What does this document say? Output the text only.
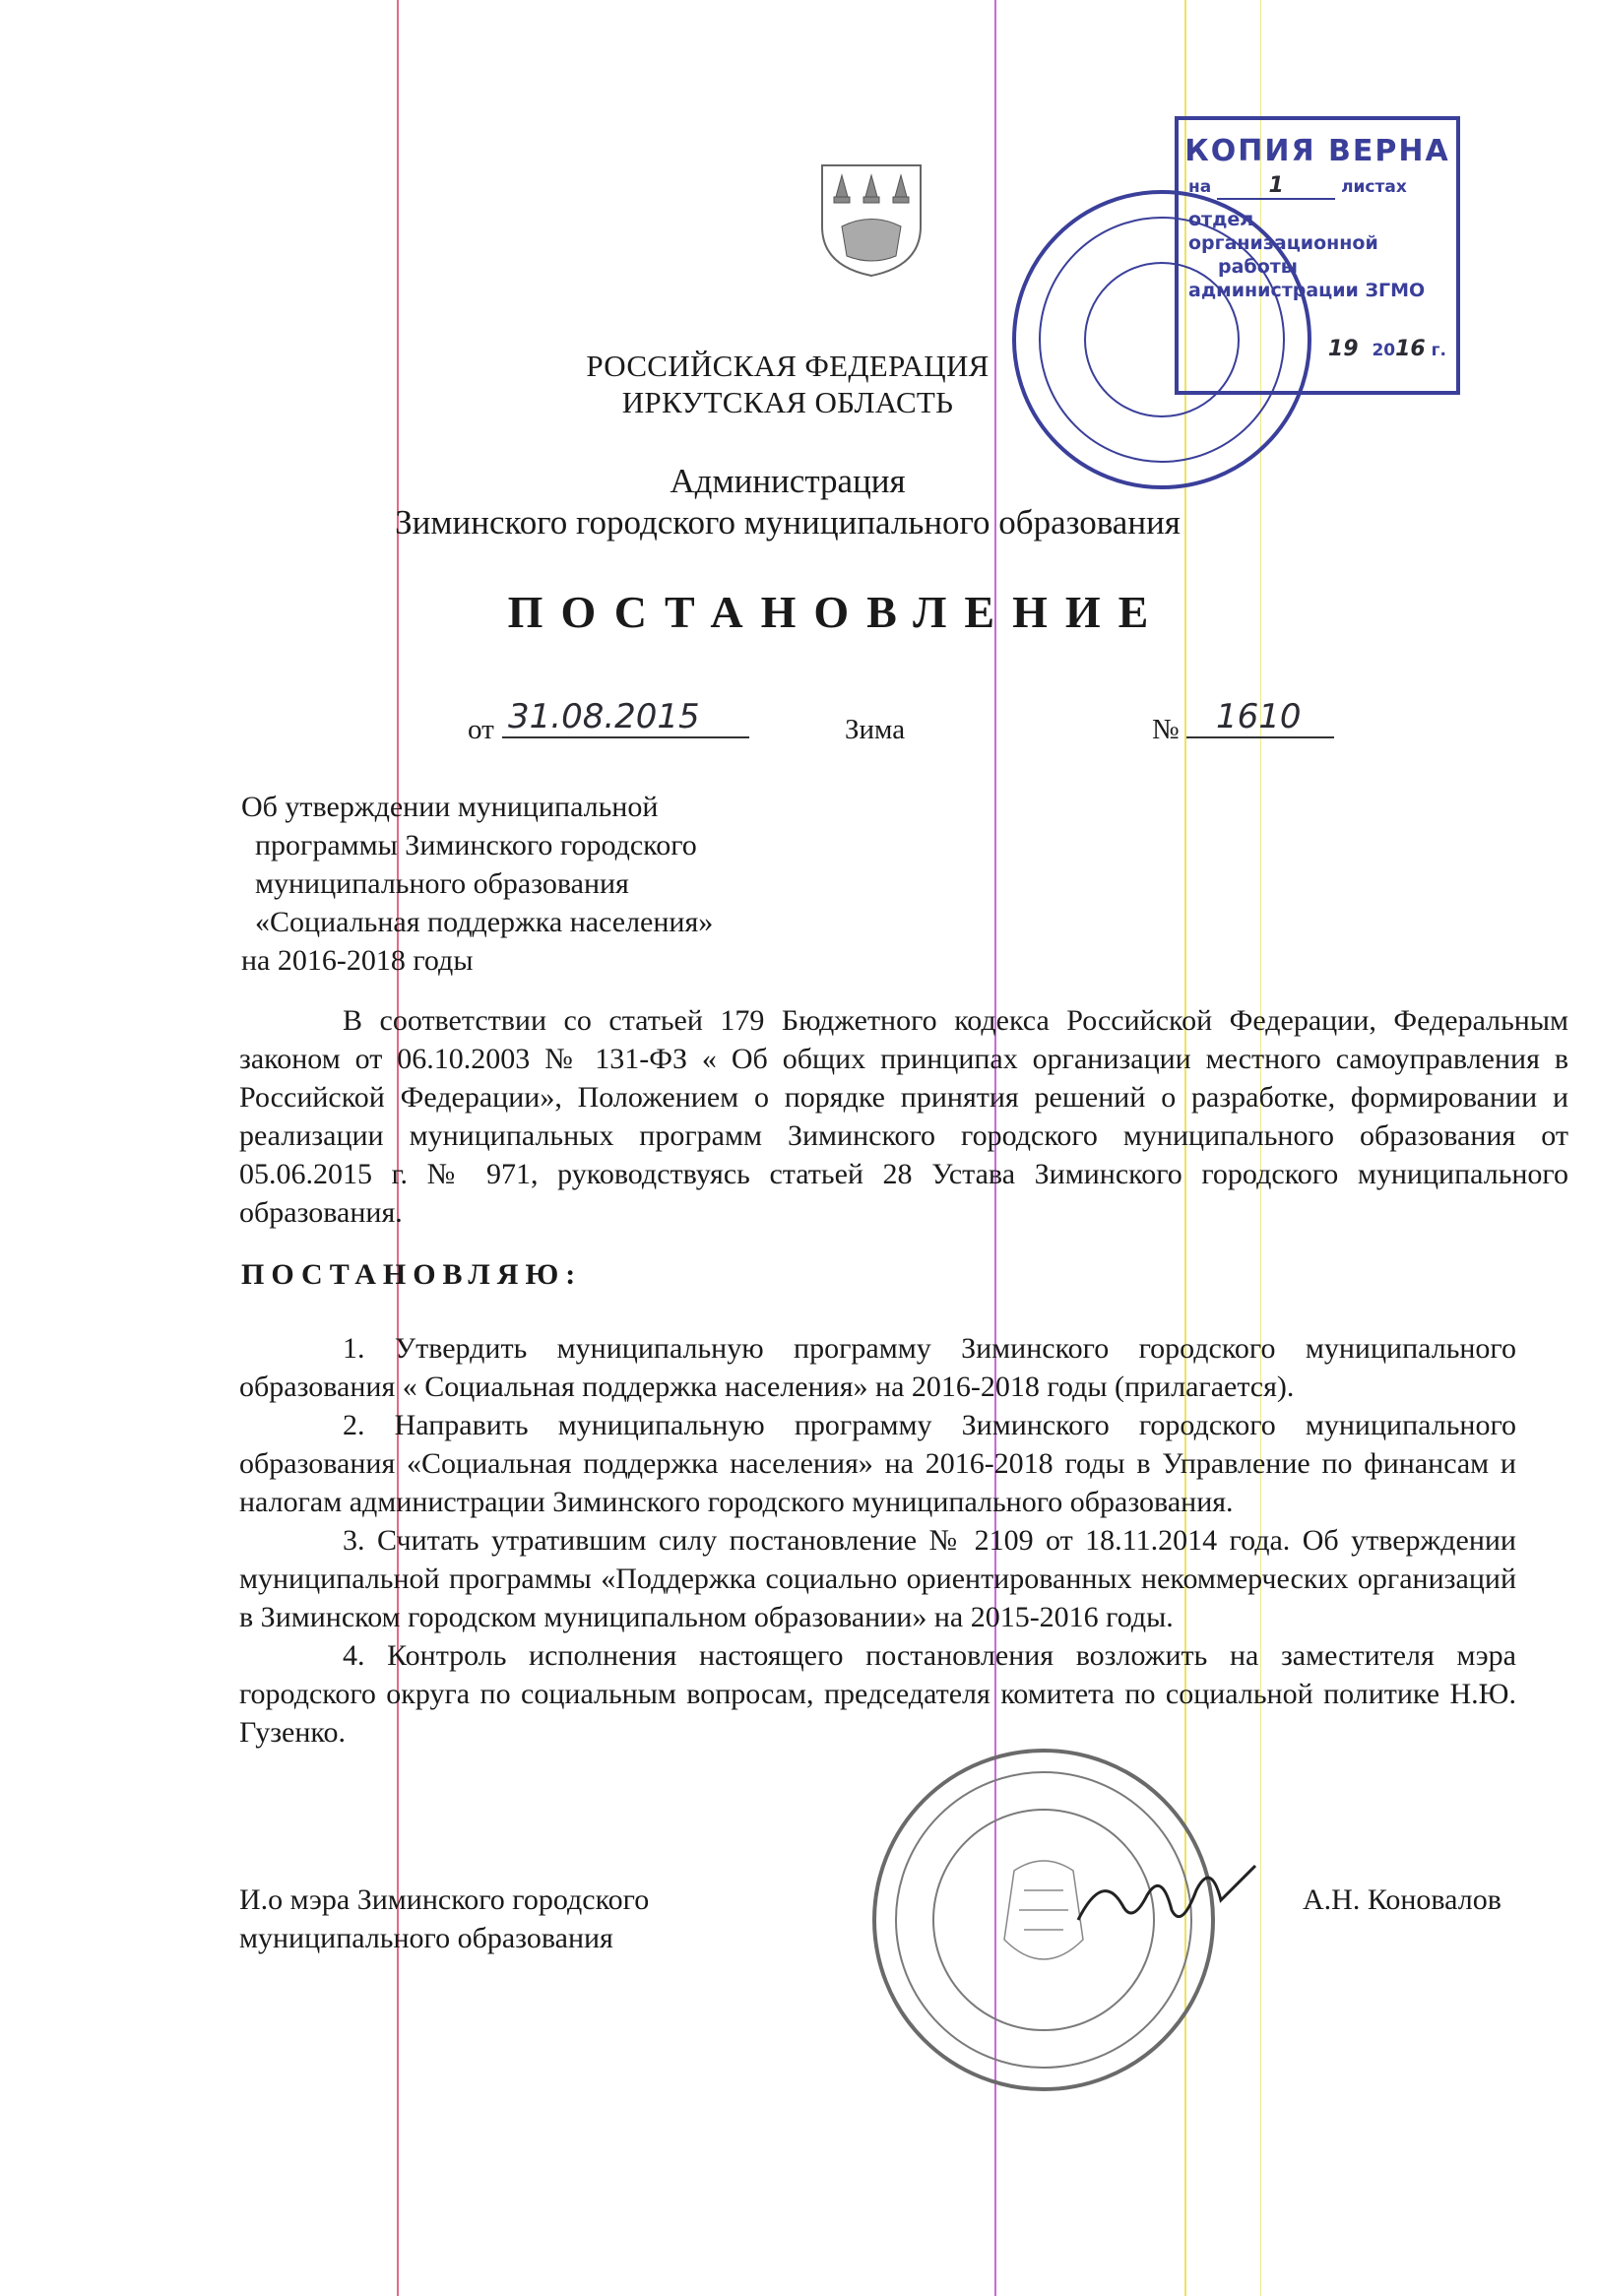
РОССИЙСКАЯ ФЕДЕРАЦИЯ
ИРКУТСКАЯ ОБЛАСТЬ
Администрация
Зиминского городского муниципального образования
ПОСТАНОВЛЕНИЕ
от 31.08.2015	Зима	№	1610
Об утверждении муниципальной
программы Зиминского городского
муниципального образования
«Социальная поддержка населения»
на 2016-2018 годы

В соответствии со статьей 179 Бюджетного кодекса Российской Федерации, Федеральным законом от 06.10.2003 № 131-ФЗ « Об общих принципах организации местного самоуправления в Российской Федерации», Положением о порядке принятия решений о разработке, формировании и реализации муниципальных программ Зиминского городского муниципального образования от 05.06.2015 г. № 971, руководствуясь статьей 28 Устава Зиминского городского муниципального образования.

ПОСТАНОВЛЯЮ:

1. Утвердить муниципальную программу Зиминского городского муниципального образования « Социальная поддержка населения» на 2016-2018 годы (прилагается).

2. Направить муниципальную программу Зиминского городского муниципального образования «Социальная поддержка населения» на 2016-2018 годы в Управление по финансам и налогам администрации Зиминского городского муниципального образования.

3. Считать утратившим силу постановление № 2109 от 18.11.2014 года. Об утверждении муниципальной программы «Поддержка социально ориентированных некоммерческих организаций в Зиминском городском муниципальном образовании» на 2015-2016 годы.

4. Контроль исполнения настоящего постановления возложить на заместителя мэра городского округа по социальным вопросам, председателя комитета по социальной политике Н.Ю. Гузенко.

И.о мэра Зиминского городского
муниципального образования
А.Н. Коновалов
КОПИЯ ВЕРНА
на	1	листах
отдел организационной
работы
администрации ЗГМО
19 2016 г.
